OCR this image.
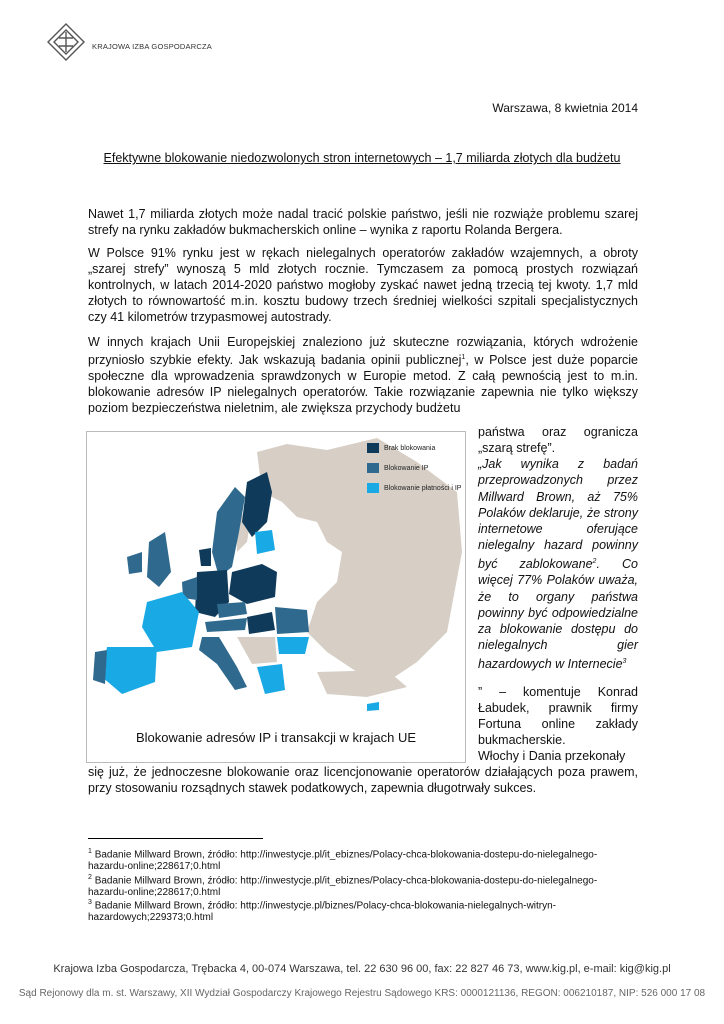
KRAJOWA IZBA GOSPODARCZA
Warszawa, 8 kwietnia 2014
Efektywne blokowanie niedozwolonych stron internetowych – 1,7 miliarda złotych dla budżetu
Nawet 1,7 miliarda złotych może nadal tracić polskie państwo, jeśli nie rozwiąże problemu szarej strefy na rynku zakładów bukmacherskich online – wynika z raportu Rolanda Bergera.
W Polsce 91% rynku jest w rękach nielegalnych operatorów zakładów wzajemnych, a obroty „szarej strefy” wynoszą 5 mld złotych rocznie. Tymczasem za pomocą prostych rozwiązań kontrolnych, w latach 2014-2020 państwo mogłoby zyskać nawet jedną trzecią tej kwoty. 1,7 mld złotych to równowartość m.in. kosztu budowy trzech średniej wielkości szpitali specjalistycznych czy 41 kilometrów trzypasmowej autostrady.
W innych krajach Unii Europejskiej znaleziono już skuteczne rozwiązania, których wdrożenie przyniosło szybkie efekty. Jak wskazują badania opinii publicznej$^1$, w Polsce jest duże poparcie społeczne dla wprowadzenia sprawdzonych w Europie metod. Z całą pewnością jest to m.in. blokowanie adresów IP nielegalnych operatorów. Takie rozwiązanie zapewnia nie tylko większy poziom bezpieczeństwa nieletnim, ale zwiększa przychody budżetu
państwa oraz ogranicza „szarą strefę”.
„Jak wynika z badań przeprowadzonych przez Millward Brown, aż 75% Polaków deklaruje, że strony internetowe oferujące nielegalny hazard powinny być zablokowane$^2$. Co więcej 77% Polaków uważa, że to organy państwa powinny być odpowiedzialne za blokowanie dostępu do nielegalnych gier hazardowych w Internecie$^3$
” – komentuje Konrad Łabudek, prawnik firmy Fortuna online zakłady bukmacherskie.
Włochy i Dania przekonały
się już, że jednoczesne blokowanie oraz licencjonowanie operatorów działających poza prawem, przy stosowaniu rozsądnych stawek podatkowych, zapewnia długotrwały sukces.
Brak blokowania
Blokowanie IP
Blokowanie płatności i IP
Blokowanie adresów IP i transakcji w krajach UE
$^1$ Badanie Millward Brown, źródło: http://inwestycje.pl/it_ebiznes/Polacy-chca-blokowania-dostepu-do-nielegalnego-hazardu-online;228617;0.html
$^2$ Badanie Millward Brown, źródło: http://inwestycje.pl/it_ebiznes/Polacy-chca-blokowania-dostepu-do-nielegalnego-hazardu-online;228617;0.html
$^3$ Badanie Millward Brown, źródło: http://inwestycje.pl/biznes/Polacy-chca-blokowania-nielegalnych-witryn-hazardowych;229373;0.html
Krajowa Izba Gospodarcza, Trębacka 4, 00-074 Warszawa, tel. 22 630 96 00, fax: 22 827 46 73, www.kig.pl, e-mail: kig@kig.pl
Sąd Rejonowy dla m. st. Warszawy, XII Wydział Gospodarczy Krajowego Rejestru Sądowego KRS: 0000121136, REGON: 006210187, NIP: 526 000 17 08
